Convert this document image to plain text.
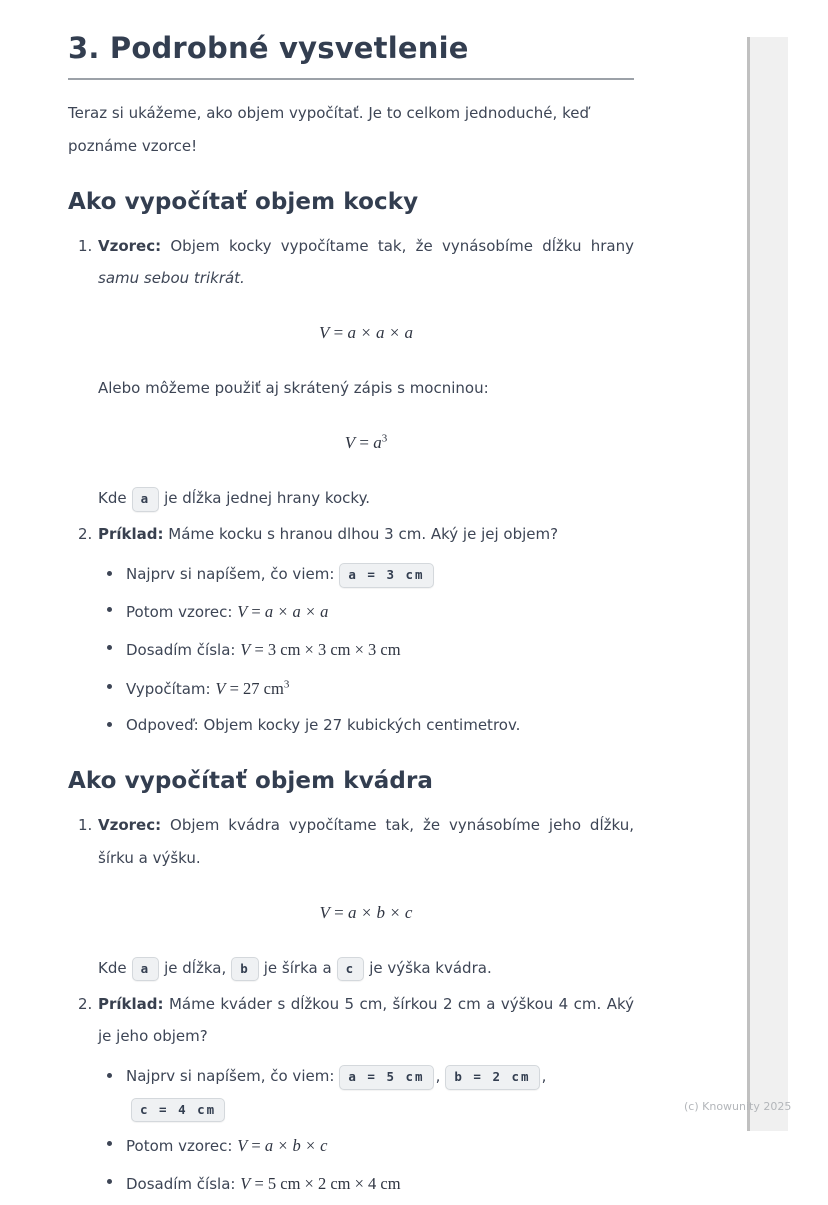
3. Podrobné vysvetlenie

Teraz si ukážeme, ako objem vypočítať. Je to celkom jednoduché, keď poznáme vzorce!

Ako vypočítať objem kocky
1. Vzorec: Objem kocky vypočítame tak, že vynásobíme dĺžku hrany samu sebou trikrát.
V = a × a × a
Alebo môžeme použiť aj skrátený zápis s mocninou:
$V = a^3$
Kde a je dĺžka jednej hrany kocky.
2. Príklad: Máme kocku s hranou dlhou 3 cm. Aký je jej objem?
Najprv si napíšem, čo viem: a = 3 cm
Potom vzorec: V = a × a × a
Dosadím čísla: V = 3 cm × 3 cm × 3 cm
Vypočítam: V = 27 $cm^3$
Odpoveď: Objem kocky je 27 kubických centimetrov.
Ako vypočítať objem kvádra
1. Vzorec: Objem kvádra vypočítame tak, že vynásobíme jeho dĺžku, šírku a výšku.
V = a × b × c
Kde a je dĺžka, b je šírka a c je výška kvádra.
2. Príklad: Máme kváder s dĺžkou 5 cm, šírkou 2 cm a výškou 4 cm. Aký je jeho objem?
Najprv si napíšem, čo viem: a = 5 cm , b = 2 cm ,c = 4 cm
Potom vzorec: V = a × b × c
Dosadím čísla: V = 5 cm × 2 cm × 4 cm
(c) Knowunity 2025
